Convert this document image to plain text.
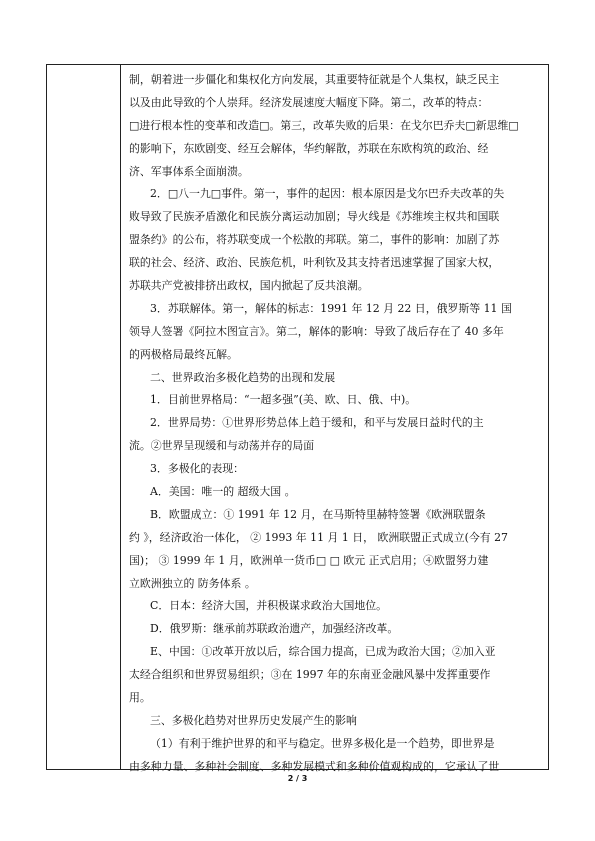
制，朝着进一步僵化和集权化方向发展，其重要特征就是个人集权，缺乏民主
以及由此导致的个人崇拜。经济发展速度大幅度下降。第二，改革的特点：
□进行根本性的变革和改造□。第三，改革失败的后果：在戈尔巴乔夫□新思维□
的影响下，东欧剧变、经互会解体，华约解散，苏联在东欧构筑的政治、经
济、军事体系全面崩溃。
2．□八一九□事件。第一，事件的起因：根本原因是戈尔巴乔夫改革的失
败导致了民族矛盾激化和民族分离运动加剧；导火线是《苏维埃主权共和国联
盟条约》的公布，将苏联变成一个松散的邦联。第二，事件的影响：加剧了苏
联的社会、经济、政治、民族危机，叶利钦及其支持者迅速掌握了国家大权，
苏联共产党被排挤出政权，国内掀起了反共浪潮。
3．苏联解体。第一，解体的标志：1991 年 12 月 22 日，俄罗斯等 11 国
领导人签署《阿拉木图宣言》。第二，解体的影响：导致了战后存在了 40 多年
的两极格局最终瓦解。
二、世界政治多极化趋势的出现和发展
1．目前世界格局：“一超多强”(美、欧、日、俄、中)。
2．世界局势：①世界形势总体上趋于缓和，和平与发展日益时代的主
流。②世界呈现缓和与动荡并存的局面
3．多极化的表现：
A．美国：唯一的 超级大国 。
B．欧盟成立：① 1991 年 12 月，在马斯特里赫特签署《欧洲联盟条
约 》，经济政治一体化， ② 1993 年 11 月 1 日， 欧洲联盟正式成立(今有 27
国)； ③ 1999 年 1 月，欧洲单一货币□ □ 欧元 正式启用；④欧盟努力建
立欧洲独立的 防务体系 。
C．日本：经济大国，并积极谋求政治大国地位。
D．俄罗斯：继承前苏联政治遗产，加强经济改革。
E、中国：①改革开放以后，综合国力提高，已成为政治大国；②加入亚
太经合组织和世界贸易组织；③在 1997 年的东南亚金融风暴中发挥重要作
用。
三、多极化趋势对世界历史发展产生的影响
（1）有利于维护世界的和平与稳定。世界多极化是一个趋势，即世界是
由多种力量、多种社会制度、多种发展模式和多种价值观构成的，它承认了世
2 / 3
